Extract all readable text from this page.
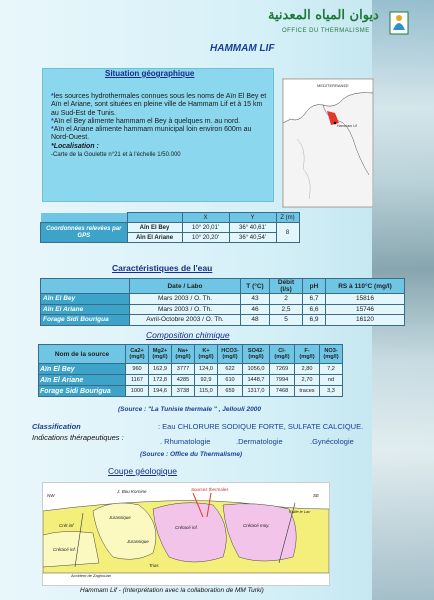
ديوان المياه المعدنية
OFFICE DU THERMALISME
HAMMAM LIF
Situation géographique
*les sources hydrothermales connues sous les noms de Aïn El Bey et Aïn el Ariane, sont situées en pleine ville de Hammam Lif et à 15 km au Sud-Est de Tunis.
*Aïn el Bey alimente hammam el Bey à quelques m. au nord.
*Aïn el Ariane alimente hammam municipal loin environ 600m au Nord-Ouest.
*Localisation :
-Carte de la Goulette n°21 et à l'échelle 1/50.000
MEDITERRANEE
Hammam Lif
		X	Y	Z (m)
Coordonnées relevées par GPS	Aïn El Bey	10° 20,01'	36° 40,61'	8
	Aïn El Ariane	10° 20,20'	36° 40,54'	
Caractéristiques de l'eau
	Date / Labo	T (°C)	Débit (l/s)	pH	RS à 110°C (mg/l)
Aïn El Bey	Mars 2003 / O. Th.	43	2	6,7	15816
Aïn El Ariane	Mars 2003 / O. Th.	46	2,5	6,6	15746
Forage Sidi Bourigua	Avril-Octobre 2003 / O. Th.	48	5	6,9	16120
Composition chimique
Nom de la source	Ca2+ (mg/l)	Mg2+ (mg/l)	Na+ (mg/l)	K+ (mg/l)	HCO3- (mg/l)	SO42- (mg/l)	Cl- (mg/l)	F- (mg/l)	NO3- (mg/l)
Aïn El Bey	960	162,9	3777	124,0	622	1056,0	7269	2,80	7,2
Aïn El Ariane	1167	172,8	4285	92,9	610	1448,7	7994	2,70	nd
Forage Sidi Bourigua	1000	194,6	3738	115,0	659	1317,0	7468	traces	3,3
(Source : "La Tunisie thermale " , Jellouli 2000
Classification	: Eau CHLORURE SODIQUE FORTE, SULFATE CALCIQUE.
Indications thérapeutiques :	. Rhumatologie	.Dermatologie	.Gynécologie
(Source : Office du Thermalisme)
Coupe géologique
NW	SE
J. Bou Kornine	Sources thermales
Faille le Lac
Jurassique
Crét inf	Crétacé inf.	Crétacé moy.
Jurassique
Crétacé inf.
Accident de Zaghouan
Trias
Hammam Lif - (Interprétation avec la collaboration de MM Turki)
